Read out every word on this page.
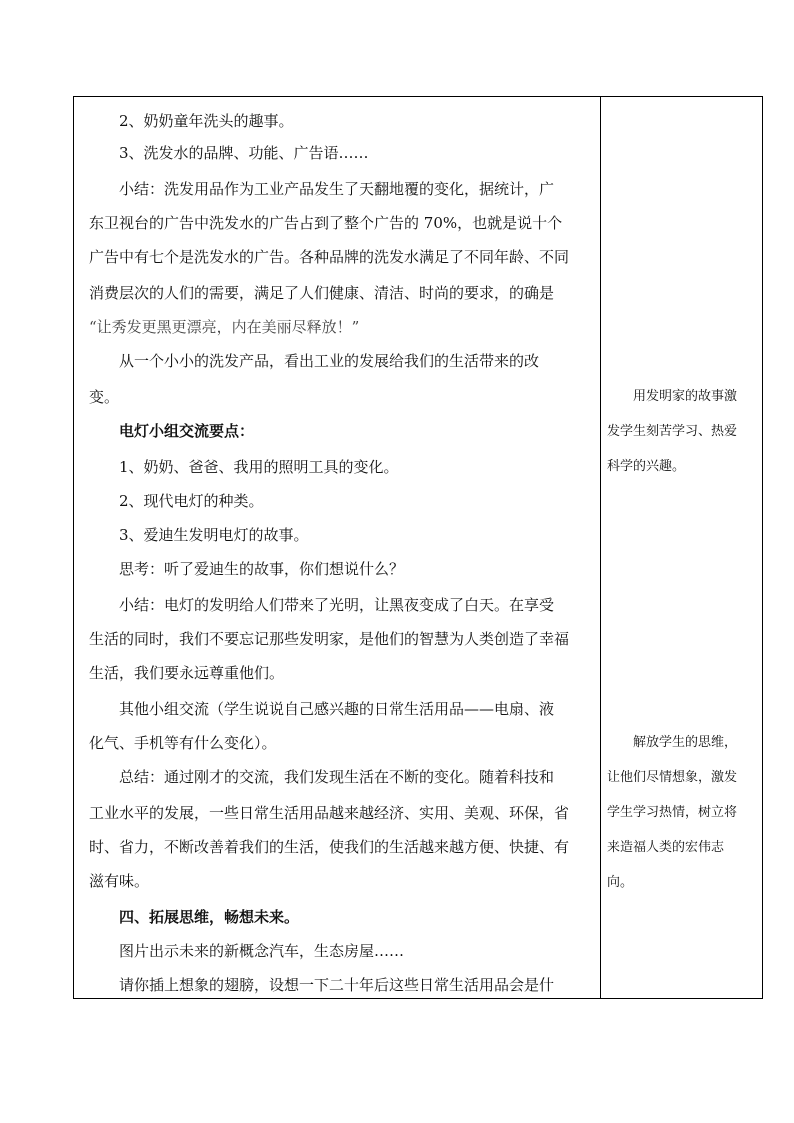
2、奶奶童年洗头的趣事。
3、洗发水的品牌、功能、广告语……
小结：洗发用品作为工业产品发生了天翻地覆的变化，据统计，广
东卫视台的广告中洗发水的广告占到了整个广告的 70%，也就是说十个
广告中有七个是洗发水的广告。各种品牌的洗发水满足了不同年龄、不同
消费层次的人们的需要，满足了人们健康、清洁、时尚的要求，的确是
“让秀发更黑更漂亮，内在美丽尽释放！”
从一个小小的洗发产品，看出工业的发展给我们的生活带来的改
变。
电灯小组交流要点：
1、奶奶、爸爸、我用的照明工具的变化。
2、现代电灯的种类。
3、爱迪生发明电灯的故事。
思考：听了爱迪生的故事，你们想说什么？
小结：电灯的发明给人们带来了光明，让黑夜变成了白天。在享受
生活的同时，我们不要忘记那些发明家，是他们的智慧为人类创造了幸福
生活，我们要永远尊重他们。
其他小组交流（学生说说自己感兴趣的日常生活用品——电扇、液
化气、手机等有什么变化）。
总结：通过刚才的交流，我们发现生活在不断的变化。随着科技和
工业水平的发展，一些日常生活用品越来越经济、实用、美观、环保，省
时、省力，不断改善着我们的生活，使我们的生活越来越方便、快捷、有
滋有味。
四、拓展思维，畅想未来。
图片出示未来的新概念汽车，生态房屋……
请你插上想象的翅膀，设想一下二十年后这些日常生活用品会是什
用发明家的故事激
发学生刻苦学习、热爱
科学的兴趣。
解放学生的思维，
让他们尽情想象，激发
学生学习热情，树立将
来造福人类的宏伟志
向。
